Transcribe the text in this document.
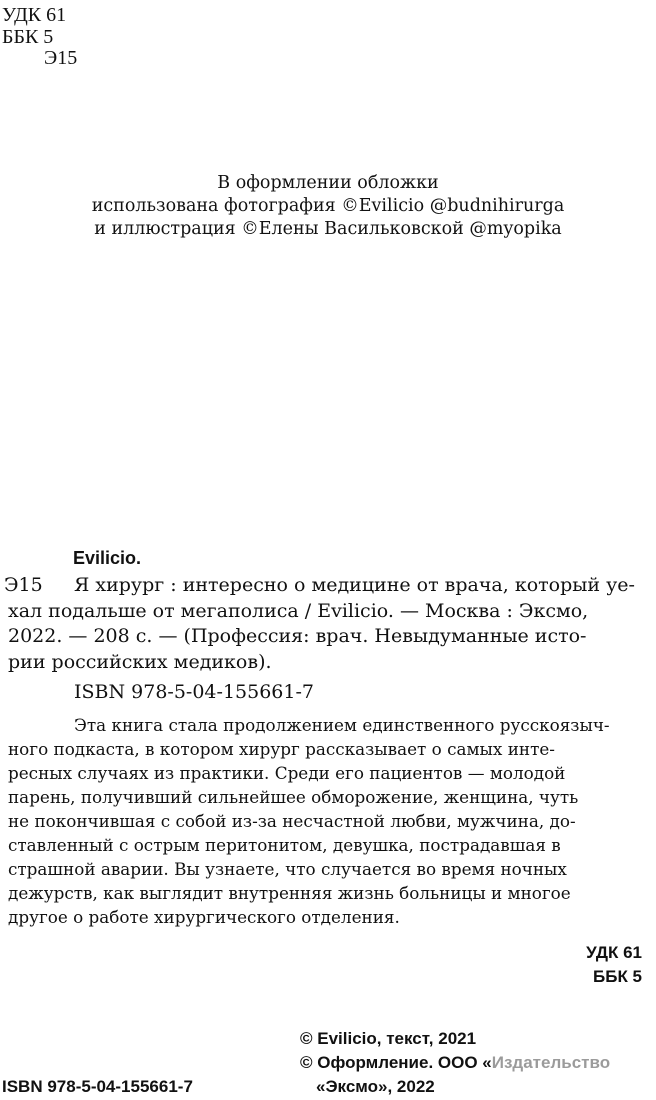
УДК 61
ББК 5
Э15
В оформлении обложки
использована фотография ©Evilicio @budnihirurga
и иллюстрация ©Елены Васильковской @myopika
Evilicio.
Э15 Я хирург : интересно о медицине от врача, который уе-
хал подальше от мегаполиса / Evilicio. — Москва : Эксмо,
2022. — 208 с. — (Профессия: врач. Невыдуманные исто-
рии российских медиков).
ISBN 978-5-04-155661-7
Эта книга стала продолжением единственного русскоязыч-
ного подкаста, в котором хирург рассказывает о самых инте-
ресных случаях из практики. Среди его пациентов — молодой
парень, получивший сильнейшее обморожение, женщина, чуть
не покончившая с собой из-за несчастной любви, мужчина, до-
ставленный с острым перитонитом, девушка, пострадавшая в
страшной аварии. Вы узнаете, что случается во время ночных
дежурств, как выглядит внутренняя жизнь больницы и многое
другое о работе хирургического отделения.
УДК 61
ББК 5
© Evilicio, текст, 2021
© Оформление. ООО «Издательство
«Эксмо», 2022
ISBN 978-5-04-155661-7
